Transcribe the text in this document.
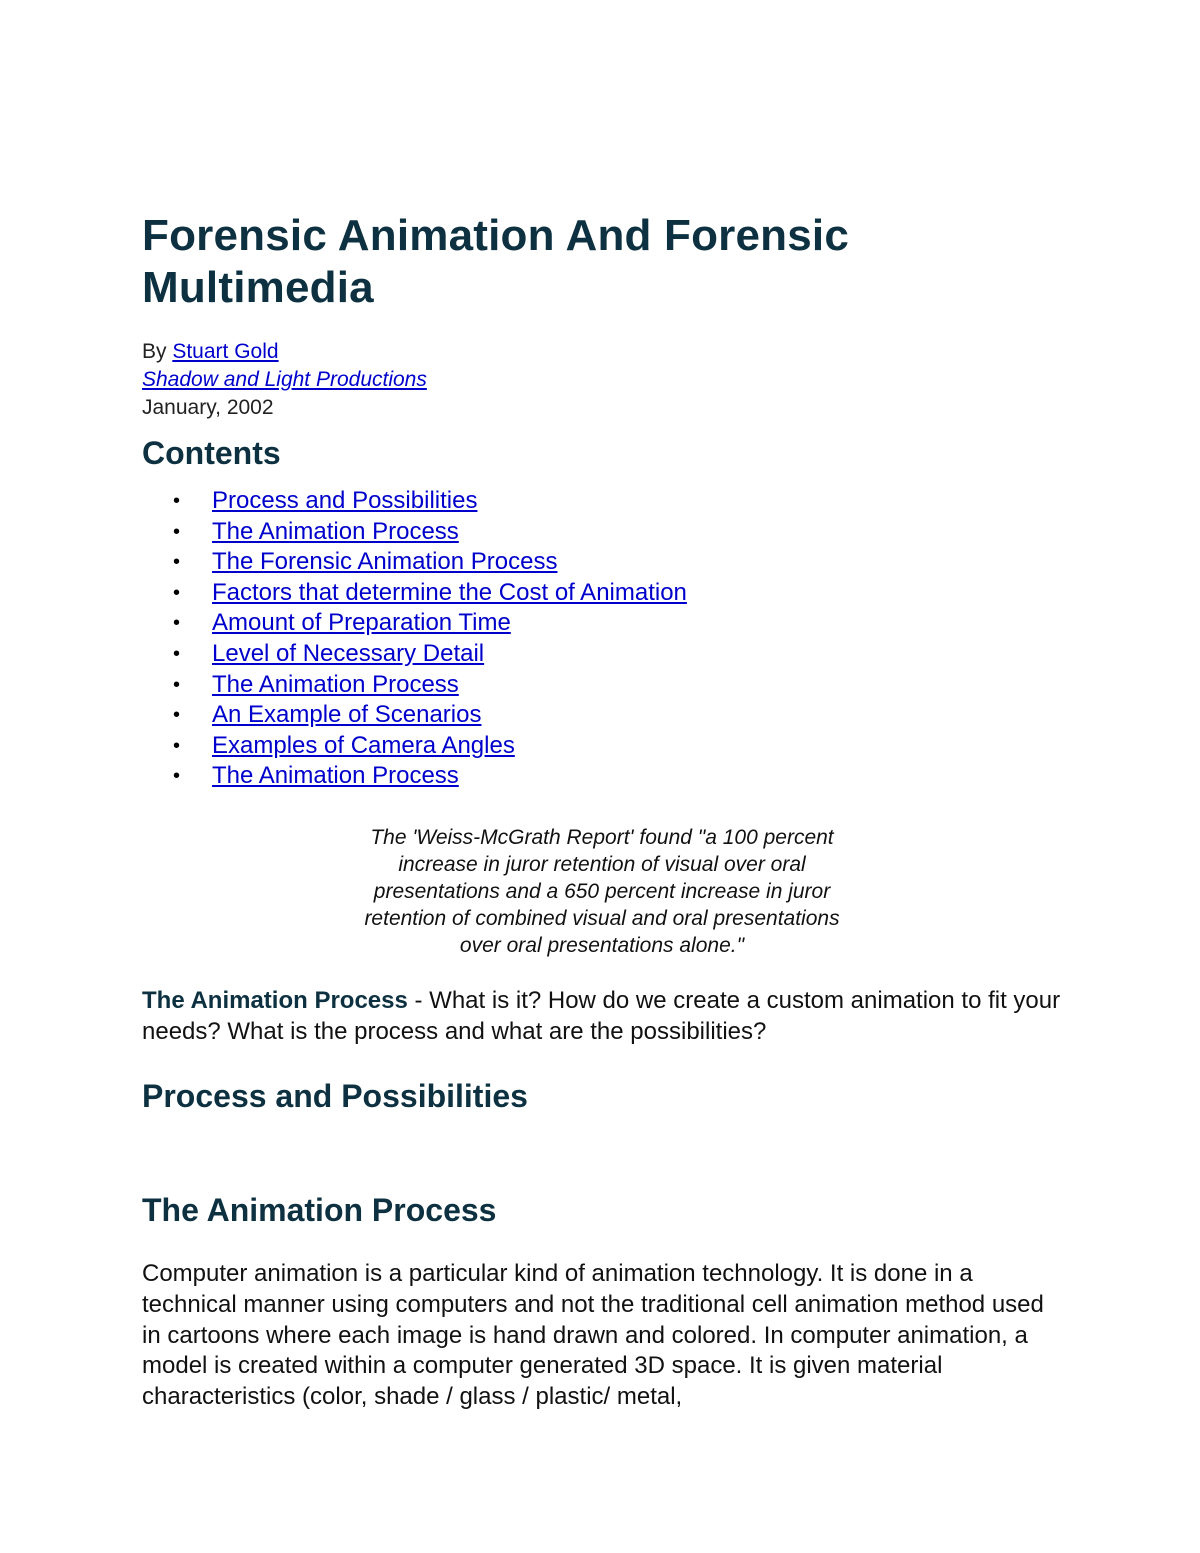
Forensic Animation And Forensic
Multimedia
By Stuart Gold
Shadow and Light Productions
January, 2002
Contents
• Process and Possibilities
• The Animation Process
• The Forensic Animation Process
• Factors that determine the Cost of Animation
• Amount of Preparation Time
• Level of Necessary Detail
• The Animation Process
• An Example of Scenarios
• Examples of Camera Angles
• The Animation Process
The 'Weiss-McGrath Report' found "a 100 percent
increase in juror retention of visual over oral
presentations and a 650 percent increase in juror
retention of combined visual and oral presentations
over oral presentations alone."

The Animation Process - What is it? How do we create a custom animation to fit your needs? What is the process and what are the possibilities?

Process and Possibilities
The Animation Process

Computer animation is a particular kind of animation technology. It is done in a technical manner using computers and not the traditional cell animation method used in cartoons where each image is hand drawn and colored. In computer animation, a model is created within a computer generated 3D space. It is given material characteristics (color, shade / glass / plastic/ metal,
